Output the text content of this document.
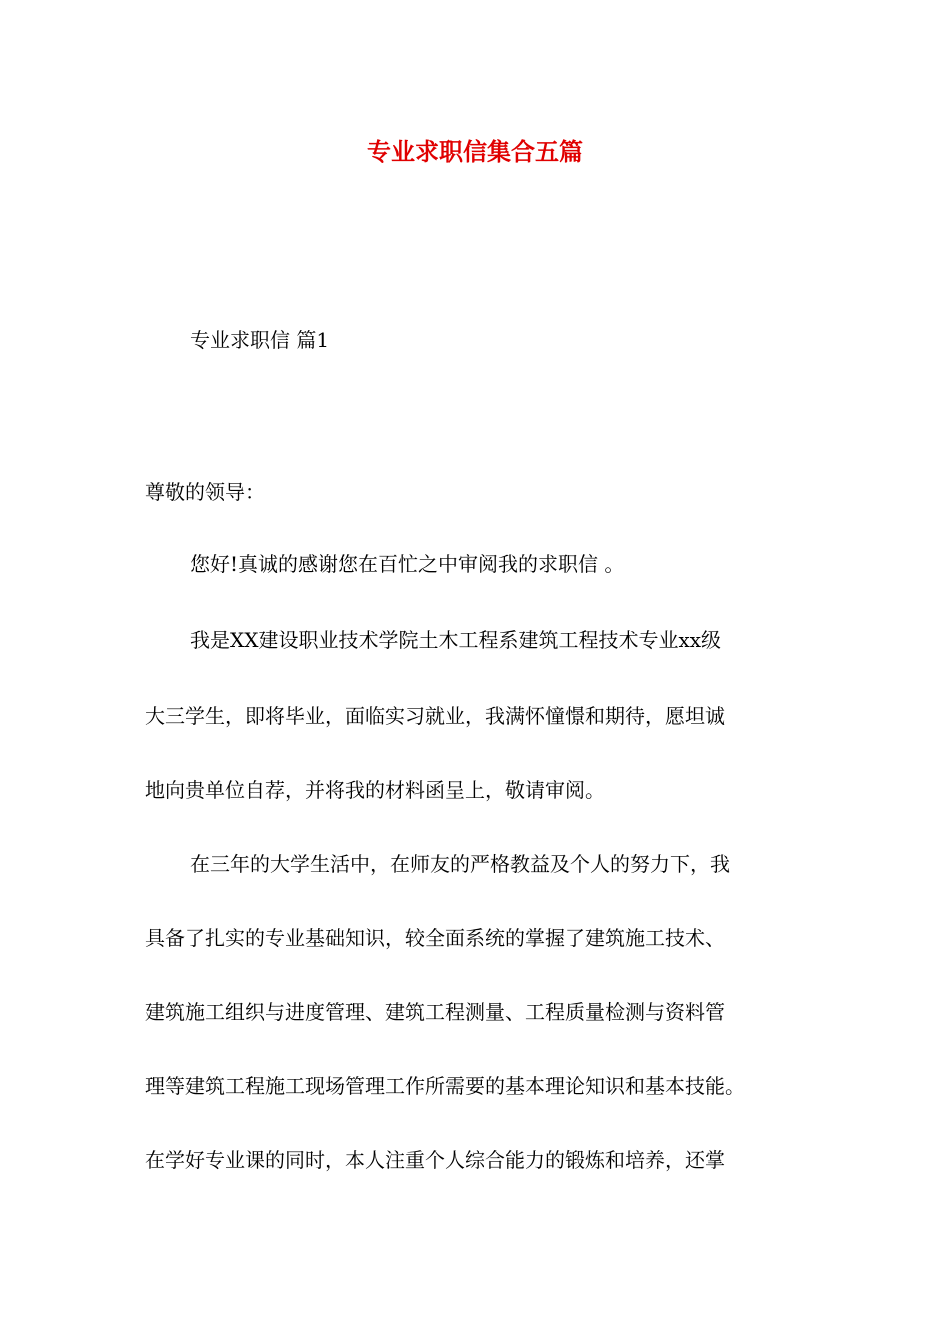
专业求职信集合五篇
专业求职信 篇1
尊敬的领导：
您好!真诚的感谢您在百忙之中审阅我的求职信 。
我是XX建设职业技术学院土木工程系建筑工程技术专业xx级
大三学生，即将毕业，面临实习就业，我满怀憧憬和期待，愿坦诚
地向贵单位自荐，并将我的材料函呈上，敬请审阅。
在三年的大学生活中，在师友的严格教益及个人的努力下，我
具备了扎实的专业基础知识，较全面系统的掌握了建筑施工技术、
建筑施工组织与进度管理、建筑工程测量、工程质量检测与资料管
理等建筑工程施工现场管理工作所需要的基本理论知识和基本技能。
在学好专业课的同时，本人注重个人综合能力的锻炼和培养，还掌
